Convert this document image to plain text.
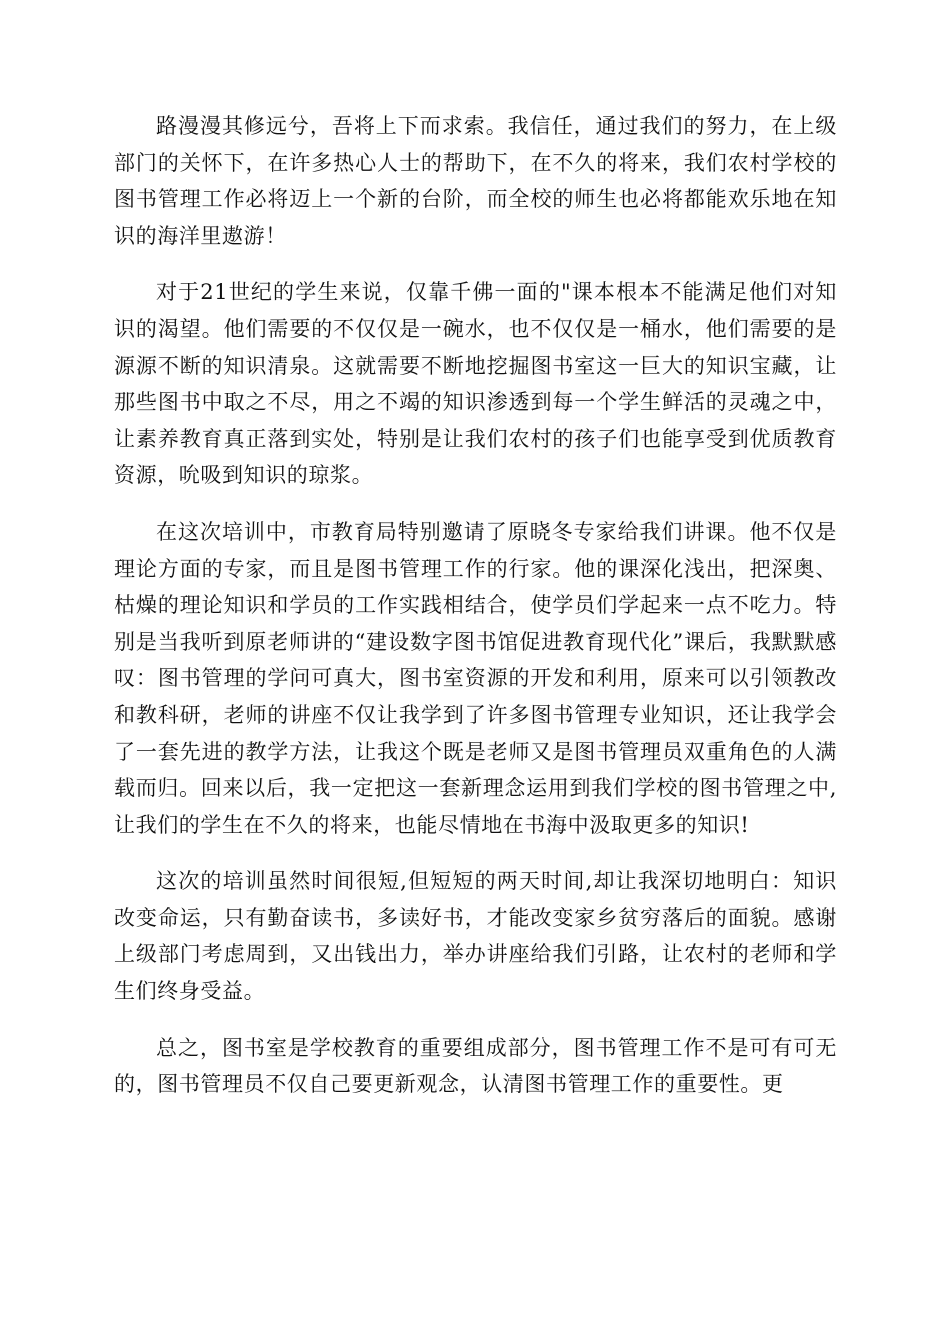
路漫漫其修远兮，吾将上下而求索。我信任，通过我们的努力，在上级部门的关怀下，在许多热心人士的帮助下，在不久的将来，我们农村学校的图书管理工作必将迈上一个新的台阶，而全校的师生也必将都能欢乐地在知识的海洋里遨游！

对于21世纪的学生来说，仅靠千佛一面的"课本根本不能满足他们对知识的渴望。他们需要的不仅仅是一碗水，也不仅仅是一桶水，他们需要的是源源不断的知识清泉。这就需要不断地挖掘图书室这一巨大的知识宝藏，让那些图书中取之不尽，用之不竭的知识渗透到每一个学生鲜活的灵魂之中，让素养教育真正落到实处，特别是让我们农村的孩子们也能享受到优质教育资源，吮吸到知识的琼浆。

在这次培训中，市教育局特别邀请了原晓冬专家给我们讲课。他不仅是理论方面的专家，而且是图书管理工作的行家。他的课深化浅出，把深奥、枯燥的理论知识和学员的工作实践相结合，使学员们学起来一点不吃力。特别是当我听到原老师讲的“建设数字图书馆促进教育现代化”课后，我默默感叹：图书管理的学问可真大，图书室资源的开发和利用，原来可以引领教改和教科研，老师的讲座不仅让我学到了许多图书管理专业知识，还让我学会了一套先进的教学方法，让我这个既是老师又是图书管理员双重角色的人满载而归。回来以后，我一定把这一套新理念运用到我们学校的图书管理之中,让我们的学生在不久的将来，也能尽情地在书海中汲取更多的知识!

这次的培训虽然时间很短,但短短的两天时间,却让我深切地明白：知识改变命运，只有勤奋读书，多读好书，才能改变家乡贫穷落后的面貌。感谢上级部门考虑周到，又出钱出力，举办讲座给我们引路，让农村的老师和学生们终身受益。

总之，图书室是学校教育的重要组成部分，图书管理工作不是可有可无的，图书管理员不仅自己要更新观念，认清图书管理工作的重要性。更
